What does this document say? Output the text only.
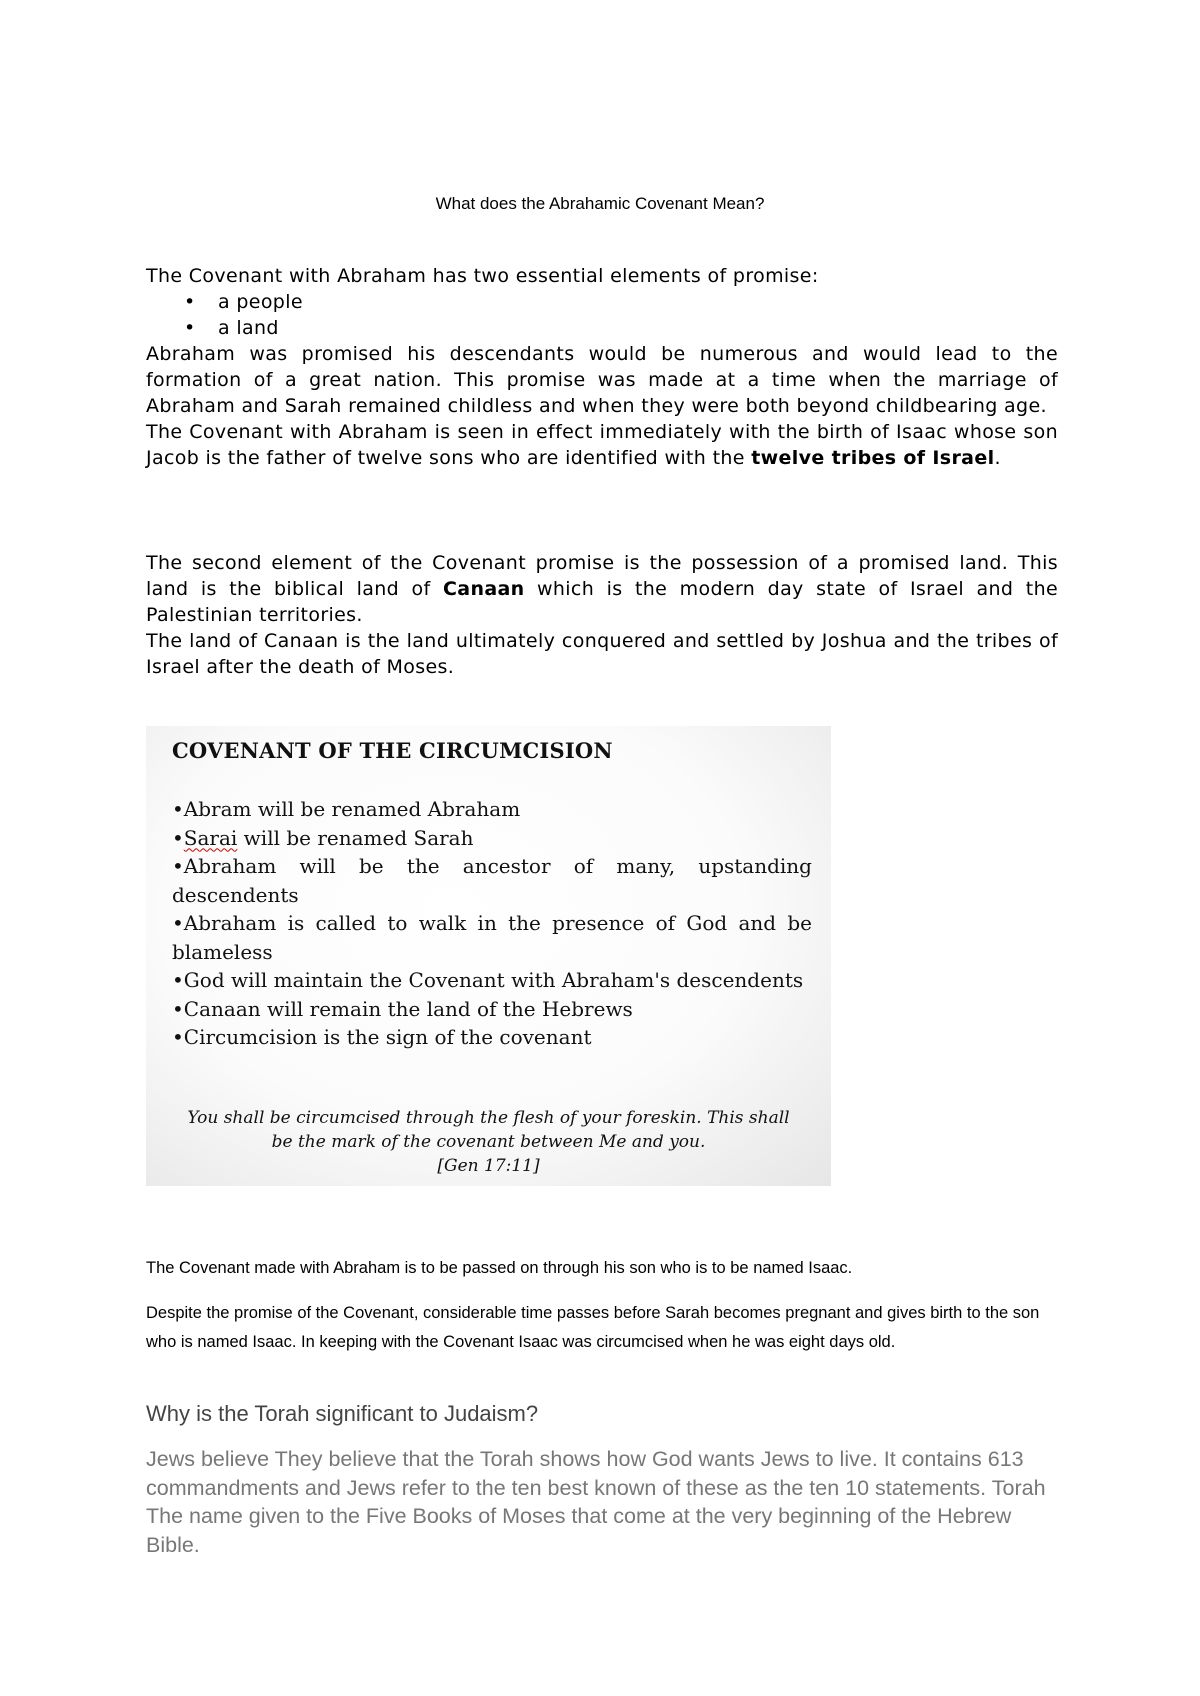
What does the Abrahamic Covenant Mean?

The Covenant with Abraham has two essential elements of promise:

• a people
• a land

Abraham was promised his descendants would be numerous and would lead to the formation of a great nation. This promise was made at a time when the marriage of Abraham and Sarah remained childless and when they were both beyond childbearing age.

The Covenant with Abraham is seen in effect immediately with the birth of Isaac whose son Jacob is the father of twelve sons who are identified with the twelve tribes of Israel.

The second element of the Covenant promise is the possession of a promised land. This land is the biblical land of Canaan which is the modern day state of Israel and the Palestinian territories.

The land of Canaan is the land ultimately conquered and settled by Joshua and the tribes of Israel after the death of Moses.

COVENANT OF THE CIRCUMCISION
•Abram will be renamed Abraham
•Sarai will be renamed Sarah
•Abraham will be the ancestor of many, upstanding descendents
•Abraham is called to walk in the presence of God and be blameless
•God will maintain the Covenant with Abraham's descendents
•Canaan will remain the land of the Hebrews
•Circumcision is the sign of the covenant
You shall be circumcised through the flesh of your foreskin. This shall
be the mark of the covenant between Me and you.
[Gen 17:11]

The Covenant made with Abraham is to be passed on through his son who is to be named Isaac.

Despite the promise of the Covenant, considerable time passes before Sarah becomes pregnant and gives birth to the son who is named Isaac. In keeping with the Covenant Isaac was circumcised when he was eight days old.

Why is the Torah significant to Judaism?
Jews believe They believe that the Torah shows how God wants Jews to live. It contains 613 commandments and Jews refer to the ten best known of these as the ten 10 statements. Torah The name given to the Five Books of Moses that come at the very beginning of the Hebrew Bible.
